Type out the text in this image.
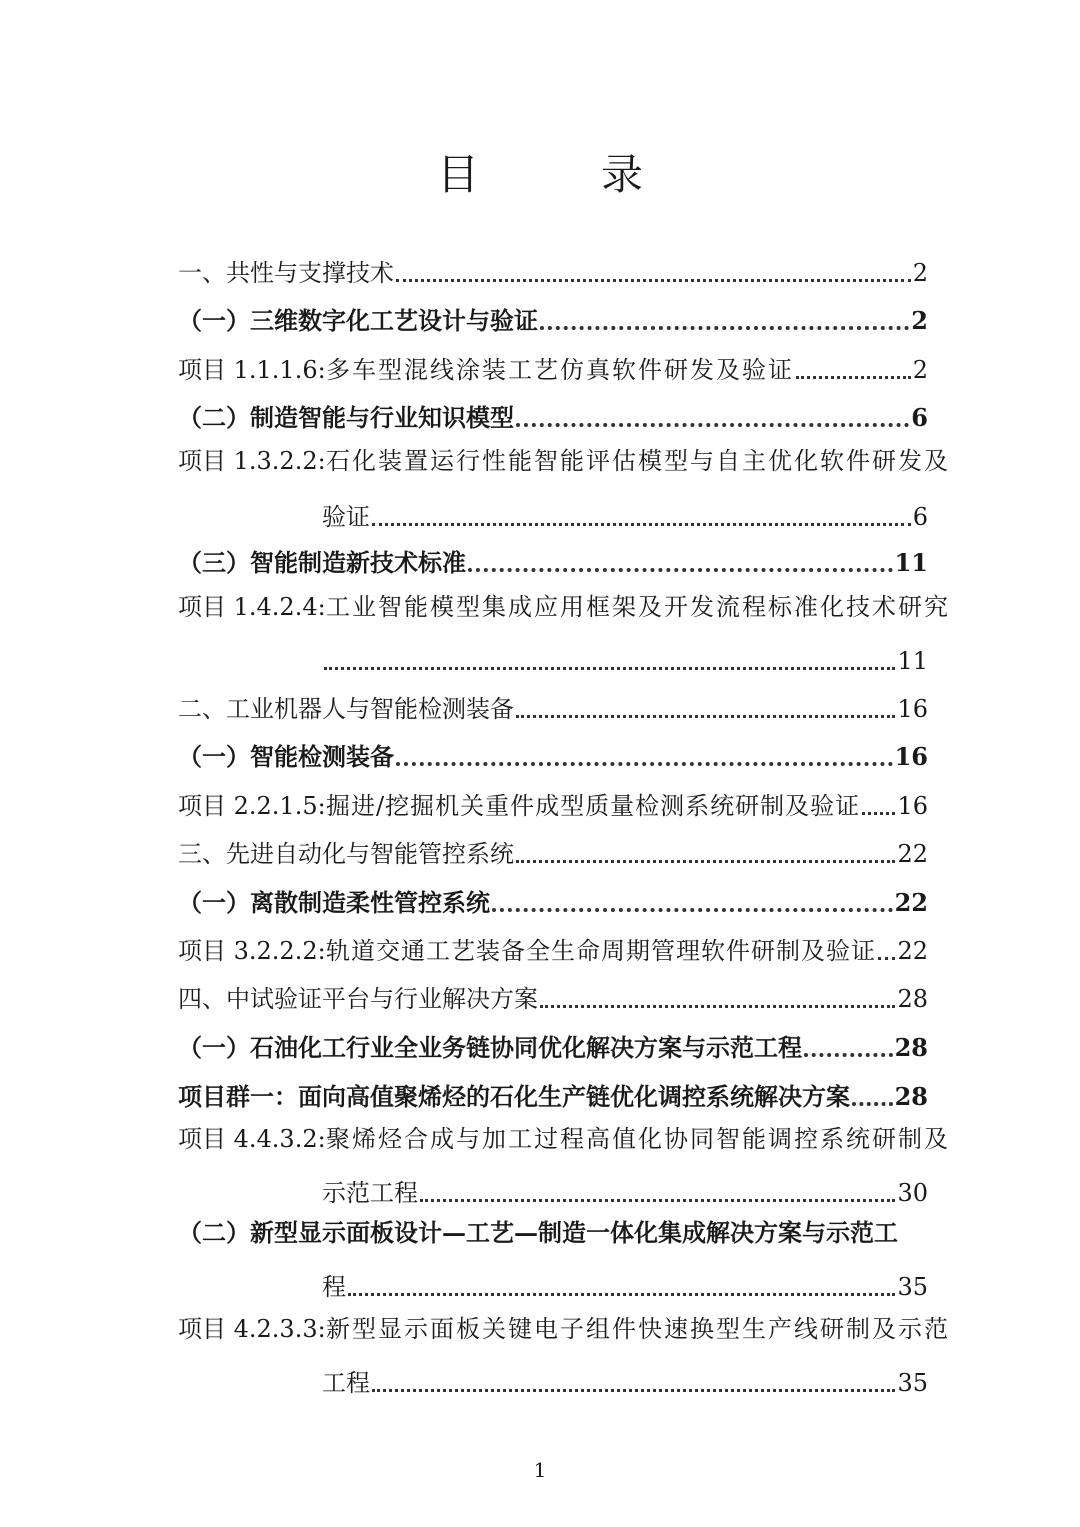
目　录
一、共性与支撑技术	2
（一）三维数字化工艺设计与验证	2
项目 1.1.1.6: 多车型混线涂装工艺仿真软件研发及验证	2
（二）制造智能与行业知识模型	6
项目 1.3.2.2:石化装置运行性能智能评估模型与自主优化软件研发及
验证	6
（三）智能制造新技术标准	11
项目 1.4.2.4:工业智能模型集成应用框架及开发流程标准化技术研究
11
二、工业机器人与智能检测装备	16
（一）智能检测装备	16
项目 2.2.1.5: 掘进/挖掘机关重件成型质量检测系统研制及验证 16
三、先进自动化与智能管控系统	22
（一）离散制造柔性管控系统	22
项目 3.2.2.2: 轨道交通工艺装备全生命周期管理软件研制及验证 22
四、中试验证平台与行业解决方案	28
（一）石油化工行业全业务链协同优化解决方案与示范工程	28
项目群一：面向高值聚烯烃的石化生产链优化调控系统解决方案 28
项目 4.4.3.2:聚烯烃合成与加工过程高值化协同智能调控系统研制及
示范工程	30
（二）新型显示面板设计—工艺—制造一体化集成解决方案与示范工
程	35
项目 4.2.3.3:新型显示面板关键电子组件快速换型生产线研制及示范
工程	35
1
